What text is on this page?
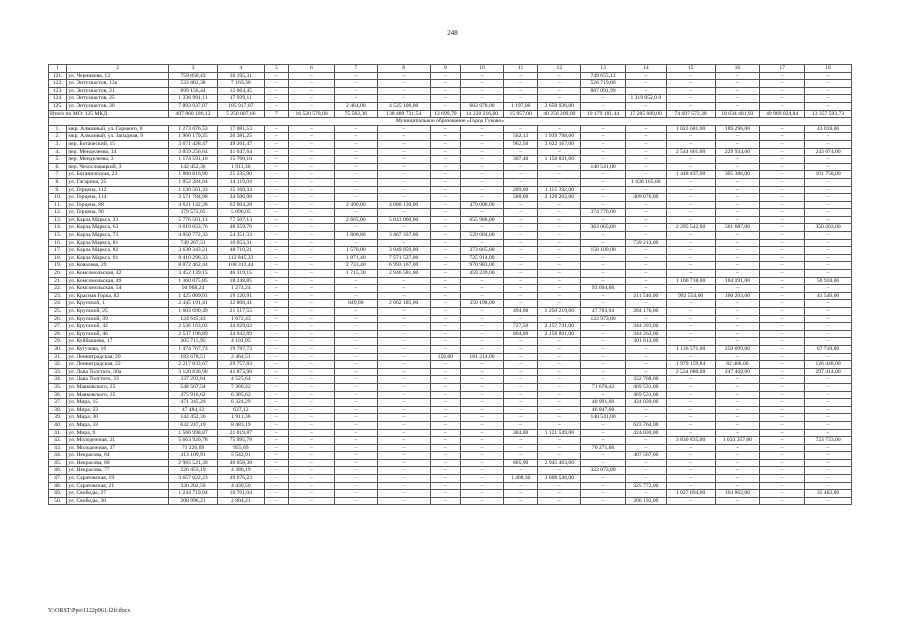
248
1	2	3	4	5	6	7	8	9	10	11	12	13	14	15	16	17	18
121.	ул. Черникова, 12	759 850,43	10 195,31	–	–	–	–	–	–	–	–	749 655,12	–	–	–	–	–
122.	ул. Энтузиастов, 13а	533 882,38	7 163,38	–	–	–	–	–	–	–	–	526 719,00	–	–	–	–	–
123.	ул. Энтузиастов, 21	899 156,44	12 064,45	–	–	–	–	–	–	–	–	887 091,99	–	–	–	–	–
124.	ул. Энтузиастов, 25	1 336 991,11	17 939,11	–	–	–	–	–	–	–	–	–	1 319 052,0 0	–	–	–	–
125.	ул. Энтузиастов, 30	7 893 937,07	105 917,07	–	–	2 464,00	4 525 106,00	–	603 978,00	1 197,00	2 658 936,00	–	–	–	–	–	–
Итого по МО: 125 МКД		407 860 186,12	5 250 807,66	7	16 520 578,00	75 582,36	138 489 731,54	12 699,70	14 220 216,60	15 957,00	40 256 209,00	19 179 181,44	17 285 089,00	74 697 572,38	18 634 401,93	49 969 024,84	13 357 593,73
Муниципальное образование «Город Гуково»																	
1.	мкр. Алмазный, ул. Горького, 8	1 273 076,53	17 081,53	–	–	–	–	–	–	–	–	–	–	1 023 681,00	189 296,00	–	43 018,00
2.	мкр. Алмазный, ул. Западная, 9	1 966 179,25	26 381,25	–	–	–	–	–	–	562,13	1 939 798,00	–	–	–	–	–	–
3.	пер. Ботаческий, 15	3 671 428,47	49 261,47	–	–	–	–	–	–	962,50	3 622 167,00	–	–	–	–	–	–
4.	пер. Менделеева, 14	3 059 256,64	41 047,64	–	–	–	–	–	–	–	–	–	–	2 544 601,00	229 934,00	–	243 674,00
5.	пер. Менделеева, 3	1 174 591,10	15 760,10	–	–	–	–	–	–	307,40	1 158 831,00	–	–	–	–	–	–
6.	пер. Чехословацкий, 3	142 452,36	1 911,36	–	–	–	–	–	–	–	–	140 541,00	–	–	–	–	–
7.	ул. Ботаническая, 23	1 880 816,90	25 235,90	–	–	–	–	–	–	–	–	–	–	1 448 437,00	305 386,00	–	101 758,00
8.	ул. Гагарина, 25	1 052 284,04	14 119,04	–	–	–	–	–	–	–	–	–	1 038 165,00	–	–	–	–
9.	ул. Герцена, 112	1 130 561,33	15 169,33	–	–	–	–	–	–	289,00	1 115 392,00	–	–	–	–	–	–
10.	ул. Герцена, 114	2 571 784,98	34 506,98	–	–	–	–	–	–	580,60	2 128 202,00	–	409 076,00	–	–	–	–
11.	ул. Герцена, 88	4 621 142,28	62 004,28	–	–	2 490,00	4 080 130,00	–	479 008,00	–	–	–	–	–	–	–	–
12.	ул. Герцена, 96	379 572,05	5 096,05	–	–	–	–	–	–	–	–	374 776,00	–	–	–	–	–
13.	ул. Карла Маркса, 33	5 776 561,13	77 507,13	–	–	2 665,00	5 043 066,00	–	655 988,00	–	–	–	–	–	–	–	–
14.	ул. Карла Маркса, 63	3 619 053,76	48 559,76	–	–	–	–	–	–	–	–	363 065,00	–	2 295 542,00	561 687,00	–	350 203,00
15.	ул. Карла Маркса, 73	4 050 772,33	54 351,33	–	–	1 808,80	3 467 337,00	–	529 084,00	–	–	–	–	–	–	–	–
16.	ул. Карла Маркса, 81	749 267,31	10 053,31	–	–	–	–	–	–	–	–	–	739 214,00	–	–	–	–
17.	ул. Карла Маркса, 82	3 630 343,21	48 710,21	–	–	1 570,00	3 049 859,00	–	373 665,00	–	–	158 109,00	–	–	–	–	–
18.	ул. Карла Маркса, 91	8 410 296,33	112 845,33	–	–	1 871,40	7 571 537,00	–	725 914,00	–	–	–	–	–	–	–	–
19.	ул. Ковалева, 29	8 072 462,44	108 312,44	–	–	2 733,40	6 993 167,00	–	970 983,00	–	–	–	–	–	–	–	–
20.	ул. Комсомольская, 42	3 452 139,15	46 319,15	–	–	1 715,30	2 946 581,00	–	459 239,00	–	–	–	–	–	–	–	–
21.	ул. Комсомольская, 49	1 360 075,85	18 248,85	–	–	–	–	–	–	–	–	–	–	1 106 718,00	184 191,00	–	50 918,00
22.	ул. Комсомольская, 54	94 968,24	1 274,24	–	–	–	–	–	–	–	–	93 694,00	–	–	–	–	–
23.	ул. Красная Горка, 82	1 425 069,91	19 120,91	–	–	–	–	–	–	–	–	–	211 546,00	992 554,00	160 203,00	–	41 546,00
24.	ул. Крупской, 1	2 445 191,41	32 808,41	–	–	849,00	2 062 185,00	–	350 198,00	–	–	–	–	–	–	–	–
25.	ул. Крупской, 25	1 603 690,49	21 517,55	–	–	–	–	–	–	494,00	1 250 219,00	47 783,94	284 176,00	–	–	–	–
26.	ул. Крупской, 39	124 645,43	1 672,43	–	–	–	–	–	–	–	–	122 973,00	–	–	–	–	–
27.	ул. Крупской, 42	2 536 163,02	34 029,02	–	–	–	–	–	–	727,50	2 157 741,00	–	344 393,00	–	–	–	–
28.	ул. Крупской, 46	2 537 196,89	34 042,89	–	–	–	–	–	–	804,00	2 158 891,00	–	344 263,00	–	–	–	–
29.	ул. Куйбышева, 17	305 715,95	4 101,95	–	–	–	–	–	–	–	–	–	301 614,00	–	–	–	–
30.	ул. Кутузова, 16	1 474 767,73	19 787,73	–	–	–	–	–	–	–	–	–	–	1 136 571,00	250 699,00	–	67 710,00
31.	ул. Ленинградская, 20	183 678,51	2 464,51	–	–	–	–	156,00	181 214,00	–	–	–	–	–	–	–	–
32.	ул. Ленинградская, 22	2 217 833,67	29 757,83	–	–	–	–	–	–	–	–	–	–	1 979 159,84	82 468,00	–	126 448,00
33.	ул. Льва Толстого, 30а	3 120 836,90	41 873,90	–	–	–	–	–	–	–	–	–	–	2 534 080,00	247 469,00	–	297 414,00
34.	ул. Льва Толстого, 33	337 293,64	4 525,64	–	–	–	–	–	–	–	–	–	332 768,00	–	–	–	–
35.	ул. Маяковского, 25	548 567,54	7 360,42	–	–	–	–	–	–	–	–	71 676,42	469 531,00	–	–	–	–
36.	ул. Маяковского, 35	475 916,62	6 385,62	–	–	–	–	–	–	–	–	–	469 531,00	–	–	–	–
37.	ул. Мира, 15	471 345,29	6 324,29	–	–	–	–	–	–	–	–	40 991,00	424 030,00	–	–	–	–
38.	ул. Мира, 23	47 484,12	637,12	–	–	–	–	–	–	–	–	46 847,00	–	–	–	–	–
39.	ул. Мира, 30	142 452,36	1 911,36	–	–	–	–	–	–	–	–	140 541,00	–	–	–	–	–
40.	ул. Мира, 33	632 247,19	8 483,19	–	–	–	–	–	–	–	–	–	623 764,00	–	–	–	–
41.	ул. Мира, 9	1 566 998,87	21 019,87	–	–	–	–	–	–	384,00	1 121 549,00	–	424 030,00	–	–	–	–
42.	ул. Молодежная, 21	5 663 920,78	75 995,78	–	–	–	–	–	–	–	–	–	–	3 830 835,00	1 033 357,00	–	723 733,00
43.	ул. Молодежная, 37	71 226,69	955,69	–	–	–	–	–	–	–	–	70 271,00	–	–	–	–	–
44.	ул. Некрасова, 64	413 109,91	5 542,91	–	–	–	–	–	–	–	–	–	407 567,00	–	–	–	–
45.	ул. Некрасова, 68	2 985 521,30	40 058,30	–	–	–	–	–	–	805,90	2 945 463,00	–	–	–	–	–	–
46.	ул. Некрасова, 77	326 453,19	4 380,19	–	–	–	–	–	–	–	–	322 073,00	–	–	–	–	–
47.	ул. Саратовская, 19	3 657 622,23	49 076,23	–	–	–	–	–	–	1 408,30	3 608 546,00	–	–	–	–	–	–
48.	ул. Саратовская, 21	330 202,50	4 430,50	–	–	–	–	–	–	–	–	–	325 772,00	–	–	–	–
49.	ул. Свободы, 27	1 244 719,04	16 701,04	–	–	–	–	–	–	–	–	–	–	1 027 694,00	164 862,00	–	35 462,00
50.	ул. Свободы, 30	208 996,21	2 804,21	–	–	–	–	–	–	–	–	–	206 192,00	–	–	–	–
Y:\ORST\Ppo\1122p961.f2fr.docx
